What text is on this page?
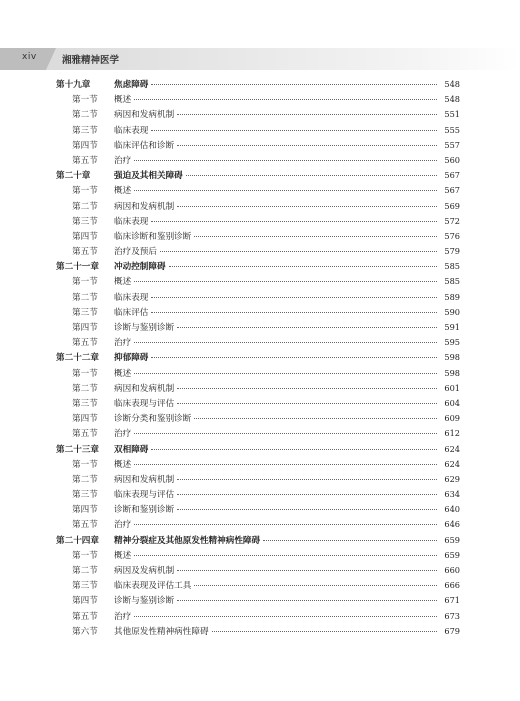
xiv	湘雅精神医学
第十九章	焦虑障碍	548
第一节	概述	548
第二节	病因和发病机制	551
第三节	临床表现	555
第四节	临床评估和诊断	557
第五节	治疗	560
第二十章	强迫及其相关障碍	567
第一节	概述	567
第二节	病因和发病机制	569
第三节	临床表现	572
第四节	临床诊断和鉴别诊断	576
第五节	治疗及预后	579
第二十一章	冲动控制障碍	585
第一节	概述	585
第二节	临床表现	589
第三节	临床评估	590
第四节	诊断与鉴别诊断	591
第五节	治疗	595
第二十二章	抑郁障碍	598
第一节	概述	598
第二节	病因和发病机制	601
第三节	临床表现与评估	604
第四节	诊断分类和鉴别诊断	609
第五节	治疗	612
第二十三章	双相障碍	624
第一节	概述	624
第二节	病因和发病机制	629
第三节	临床表现与评估	634
第四节	诊断和鉴别诊断	640
第五节	治疗	646
第二十四章	精神分裂症及其他原发性精神病性障碍	659
第一节	概述	659
第二节	病因及发病机制	660
第三节	临床表现及评估工具	666
第四节	诊断与鉴别诊断	671
第五节	治疗	673
第六节	其他原发性精神病性障碍	679
